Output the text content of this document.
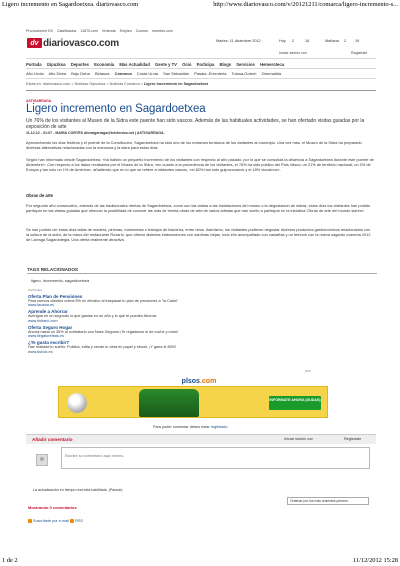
Ligero incremento en Sagardoetxea. diariovasco.com	http://www.diariovasco.com/v/20121211/comarca/ligero-incremento-s...
Promociones DV Clasificados 11870.com Vivienda Empleo Coches muertos.com
dv diariovasco.com	Martes, 11 diciembre 2012	Hoy 2	16	Mañana 2 19
Iniciar sesión con	Registrate
Portada Gipuzkoa Deportes Economía Más Actualidad Gente y TV Ocio Participa Blogs Servicios Hemeroteca
Alto Urola Alto Deba Bajo Deba Bidasoa Comarca Costa Urola San Sebastián Pasaia -Errenteria Tolosa-Goierri Zinemaldia
Estás en: diariovasco.com > Noticias Gipuzkoa > Noticias Comarca > Ligero incremento en Sagardoetxea
ASTIGARRAGA
Ligero incremento en Sagardoetxea
Un 76% de los visitantes al Museo de la Sidra este puente han sido vascos. Además de las habituales actividades, se han ofertado visitas guiadas por la exposición de arte
11.12.12 - 01:07 - MARÍA CORTÉS diveaigarraga@telefonica.net | ASTIGARRAGA.
Aprovechando los días festivos y el puente de la Constitución, Sagardoetxea ha sido uno de los reclamos turísticos de los visitantes al municipio. Una vez más, el Museo de la Sidra ha preparado diversas alternativas relacionadas con la manzana y la sidra para estos días.
Según han informado desde Sagardoetxea, «ha habido un pequeño incremento de los visitantes con respecto al año pasado, por lo que se consolida la afluencia a Sagardoetxea durante este puente de diciembre». Con respecto a los datos recabados por el Museo de la Sidra, «en cuanto a la procedencia de los visitantes, el 76% ha sido público del País Vasco; un 21% de territorio nacional; un 2% de Europa y tan solo un 1% de América», añadiendo que en lo que se refiere a visitantes vascos, «el 82% han sido guipuzcoanos y el 18% vizcaínos».
Obras de arte
Por segundo año consecutivo, además de las tradicionales ofertas de Sagardoetxea, como son las visitas a las instalaciones del museo o la degustación de sidras, estos días los visitantes han podido participar en las visitas guiadas que ofrecían la posibilidad de conocer las más de treinta obras de arte de varios artistas que han vuelto a participar en la iniciativa 'Obras de arte del mundo sidrero'.
Se han podido ver estos días tallas de madera, pinturas, marionetas o trabajos de bisutería, entre otros. Asimismo, los visitantes pudieron degustar diversos productos gastronómicos relacionados con la cultura de la sidra, de la mano del restaurante Roxario, que ofreció distintas elaboraciones con sardinas viejas, todo ello acompañado con castañas y un berinoir con la nueva sagardo cosecha 2012 de Lizeaga Sagardotegia. Una oferta realmente atractiva.
TAGS RELACIONADOS
ligero, incremento, sagardoetxea
Publicidad
Oferta Plan de Pensiones
Para nuevos clientes online:5% en efectivo al traspasar tu plan de pensiones a "la Caixa"
www.lacaixa.es
Aprende a Ahorrar
Averigua en un segundo lo que gastas en un año y lo que te puedes Ahorrar.
www.finbanc.com
Oferta Seguro Hogar
Ahorra hasta un 35% al contratarlo con Naez Seguros.¡Te regalamos el de coche y moto!
www.llegaturefeas.es
¿Te gusta escribir?
Haz realidad tu sueño: Publica, edita y vende tu obra en papel y ebook. ¡Y gana el 80%!
www.bubok.es
pon
plsos .com
INFÓRMATE AHORA (DUDAS)
Para poder comentar debes estar registrado
Añadir comentario	Iniciar sesión con	Registrate
Escribe su comentario aquí mismo.
La actualización en tiempo real está habilitada. (Pausar)
Ordenar por los más recientes primero
Mostrando 0 comentarios
Suscríbete por e-mail
RSS
1 de 2	11/12/2012 15:28
